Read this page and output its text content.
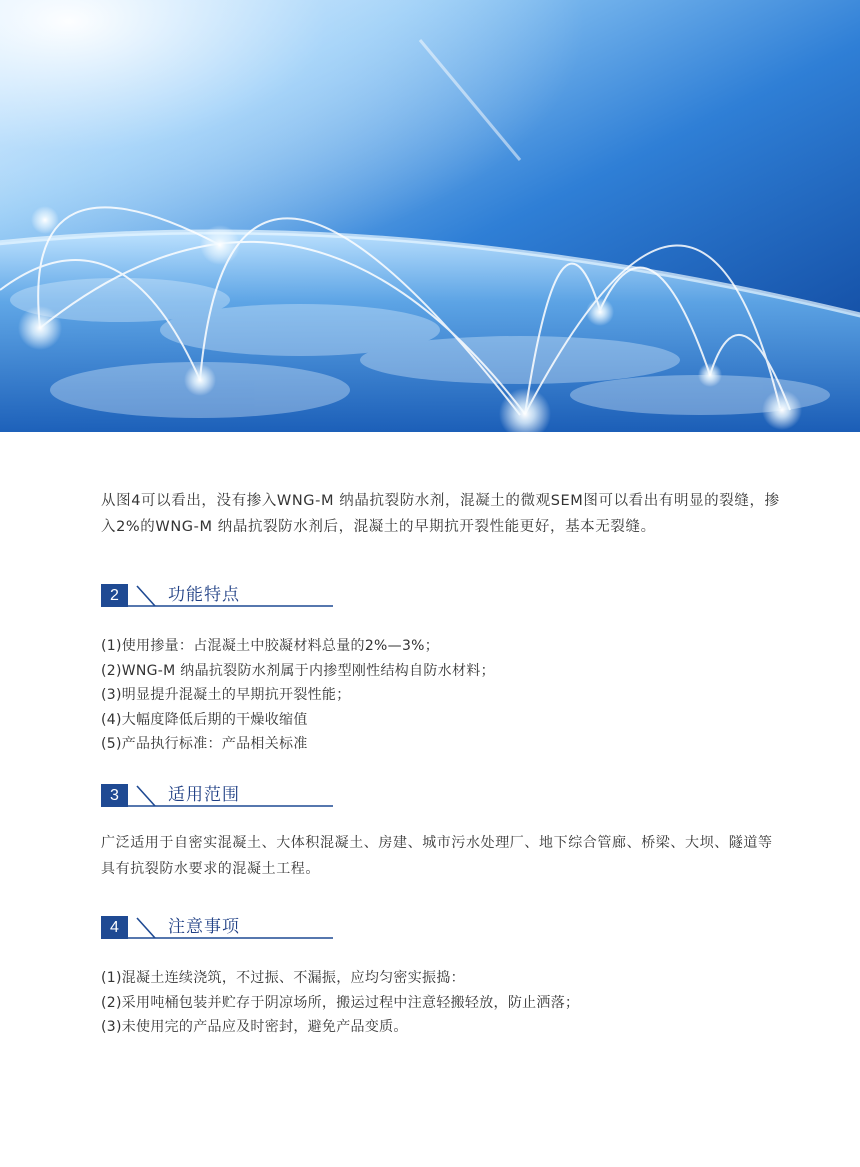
从图4可以看出，没有掺入WNG-M 纳晶抗裂防水剂，混凝土的微观SEM图可以看出有明显的裂缝，掺入2%的WNG-M 纳晶抗裂防水剂后，混凝土的早期抗开裂性能更好，基本无裂缝。

2	功能特点
(1)使用掺量：占混凝土中胶凝材料总量的2%—3%；
(2)WNG-M 纳晶抗裂防水剂属于内掺型刚性结构自防水材料；
(3)明显提升混凝土的早期抗开裂性能；
(4)大幅度降低后期的干燥收缩值
(5)产品执行标准：产品相关标准
3	适用范围

广泛适用于自密实混凝土、大体积混凝土、房建、城市污水处理厂、地下综合管廊、桥梁、大坝、隧道等具有抗裂防水要求的混凝土工程。

4	注意事项
(1)混凝土连续浇筑，不过振、不漏振，应均匀密实振捣：
(2)采用吨桶包装并贮存于阴凉场所，搬运过程中注意轻搬轻放，防止洒落；
(3)未使用完的产品应及时密封，避免产品变质。
